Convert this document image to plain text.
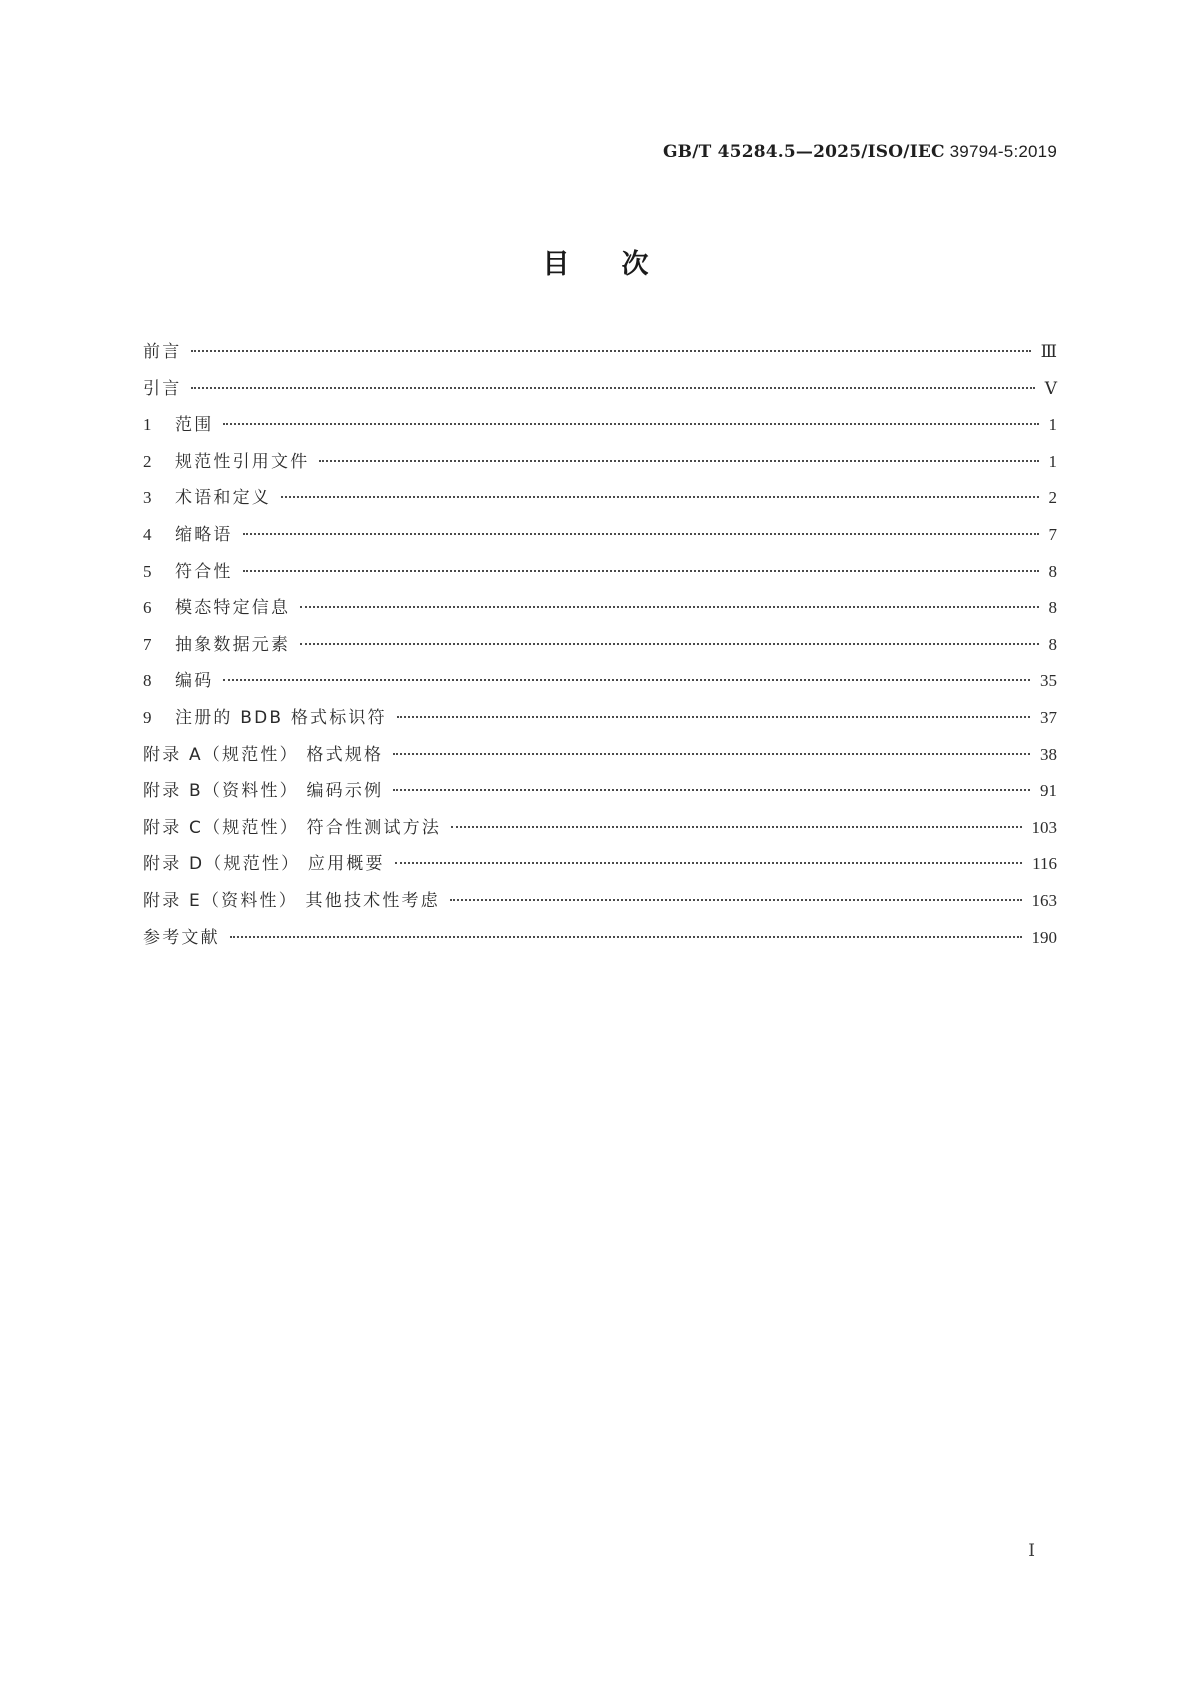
GB/T 45284.5—2025/ISO/IEC 39794-5:2019
目次
前言	Ⅲ
引言	Ⅴ
1 范围	1
2 规范性引用文件	1
3 术语和定义	2
4 缩略语	7
5 符合性	8
6 模态特定信息	8
7 抽象数据元素	8
8 编码	35
9 注册的 BDB 格式标识符	37
附录 A（规范性） 格式规格	38
附录 B（资料性） 编码示例	91
附录 C（规范性） 符合性测试方法	103
附录 D（规范性） 应用概要	116
附录 E（资料性） 其他技术性考虑	163
参考文献	190
Ⅰ
